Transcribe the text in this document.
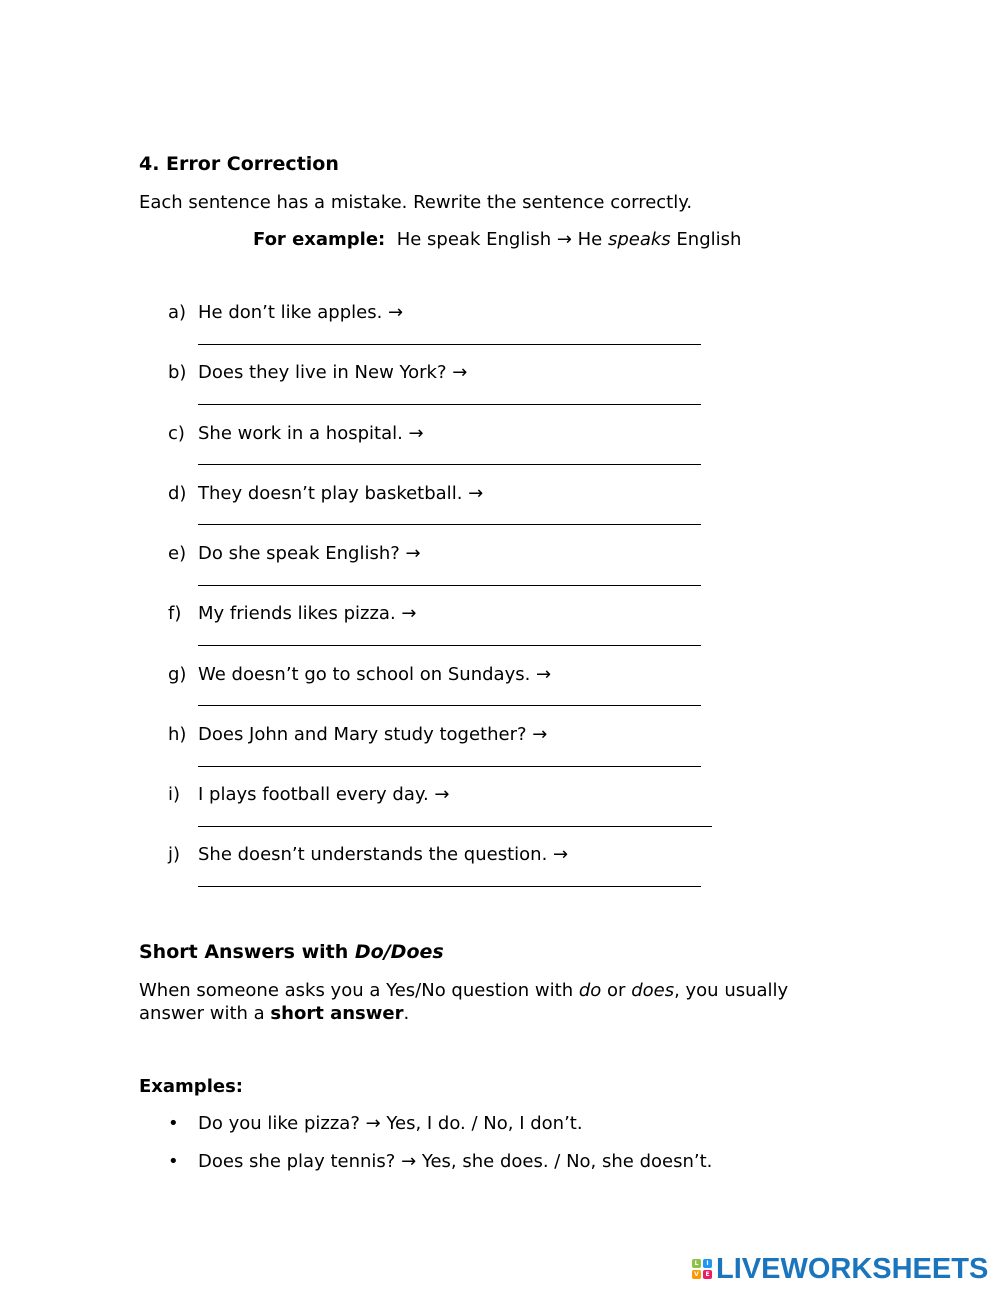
4. Error Correction
Each sentence has a mistake. Rewrite the sentence correctly.
For example: He speak English → He speaks English
a) He don’t like apples. →
b) Does they live in New York? →
c) She work in a hospital. →
d) They doesn’t play basketball. →
e) Do she speak English? →
f) My friends likes pizza. →
g) We doesn’t go to school on Sundays. →
h) Does John and Mary study together? →
i) I plays football every day. →
j) She doesn’t understands the question. →
Short Answers with Do/Does
When someone asks you a Yes/No question with do or does, you usually
answer with a short answer.
Examples:
• Do you like pizza? → Yes, I do. / No, I don’t.
• Does she play tennis? → Yes, she does. / No, she doesn’t.
L	I
V	E LIVEWORKSHEETS
